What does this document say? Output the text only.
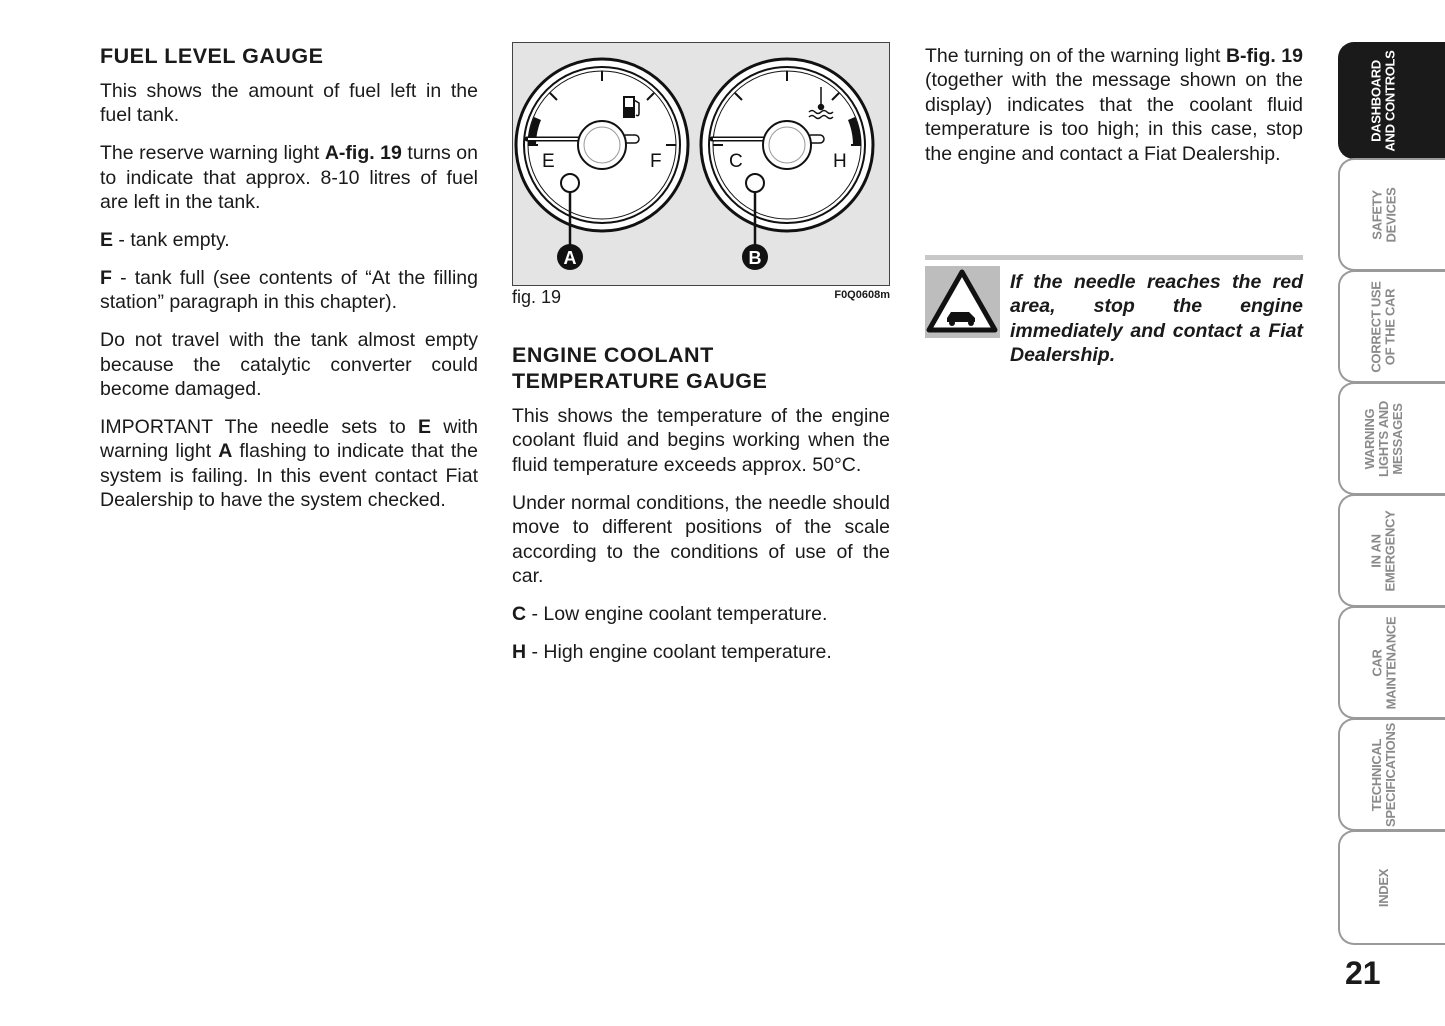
FUEL LEVEL GAUGE

This shows the amount of fuel left in the fuel tank.

The reserve warning light A-fig. 19 turns on to indicate that approx. 8-10 litres of fuel are left in the tank.

E - tank empty.

F - tank full (see contents of “At the filling station” paragraph in this chapter).

Do not travel with the tank almost empty because the catalytic converter could become damaged.

IMPORTANT The needle sets to E with warning light A flashing to indicate that the system is failing. In this event contact Fiat Dealership to have the system checked.

E	F
A
C	H
B
fig. 19	F0Q0608m
ENGINE COOLANT TEMPERATURE GAUGE

This shows the temperature of the engine coolant fluid and begins working when the fluid temperature exceeds approx. 50°C.

Under normal conditions, the needle should move to different positions of the scale according to the conditions of use of the car.

C - Low engine coolant temperature.

H - High engine coolant temperature.

The turning on of the warning light B-fig. 19 (together with the message shown on the display) indicates that the coolant fluid temperature is too high; in this case, stop the engine and contact a Fiat Dealership.

If the needle reaches the red area, stop the engine immediately and contact a Fiat Dealership.
DASHBOARD
AND CONTROLS
SAFETY
DEVICES
CORRECT USE
OF THE CAR
WARNING
LIGHTS AND
MESSAGES
IN AN
EMERGENCY
CAR
MAINTENANCE
TECHNICAL
SPECIFICATIONS
INDEX
21
